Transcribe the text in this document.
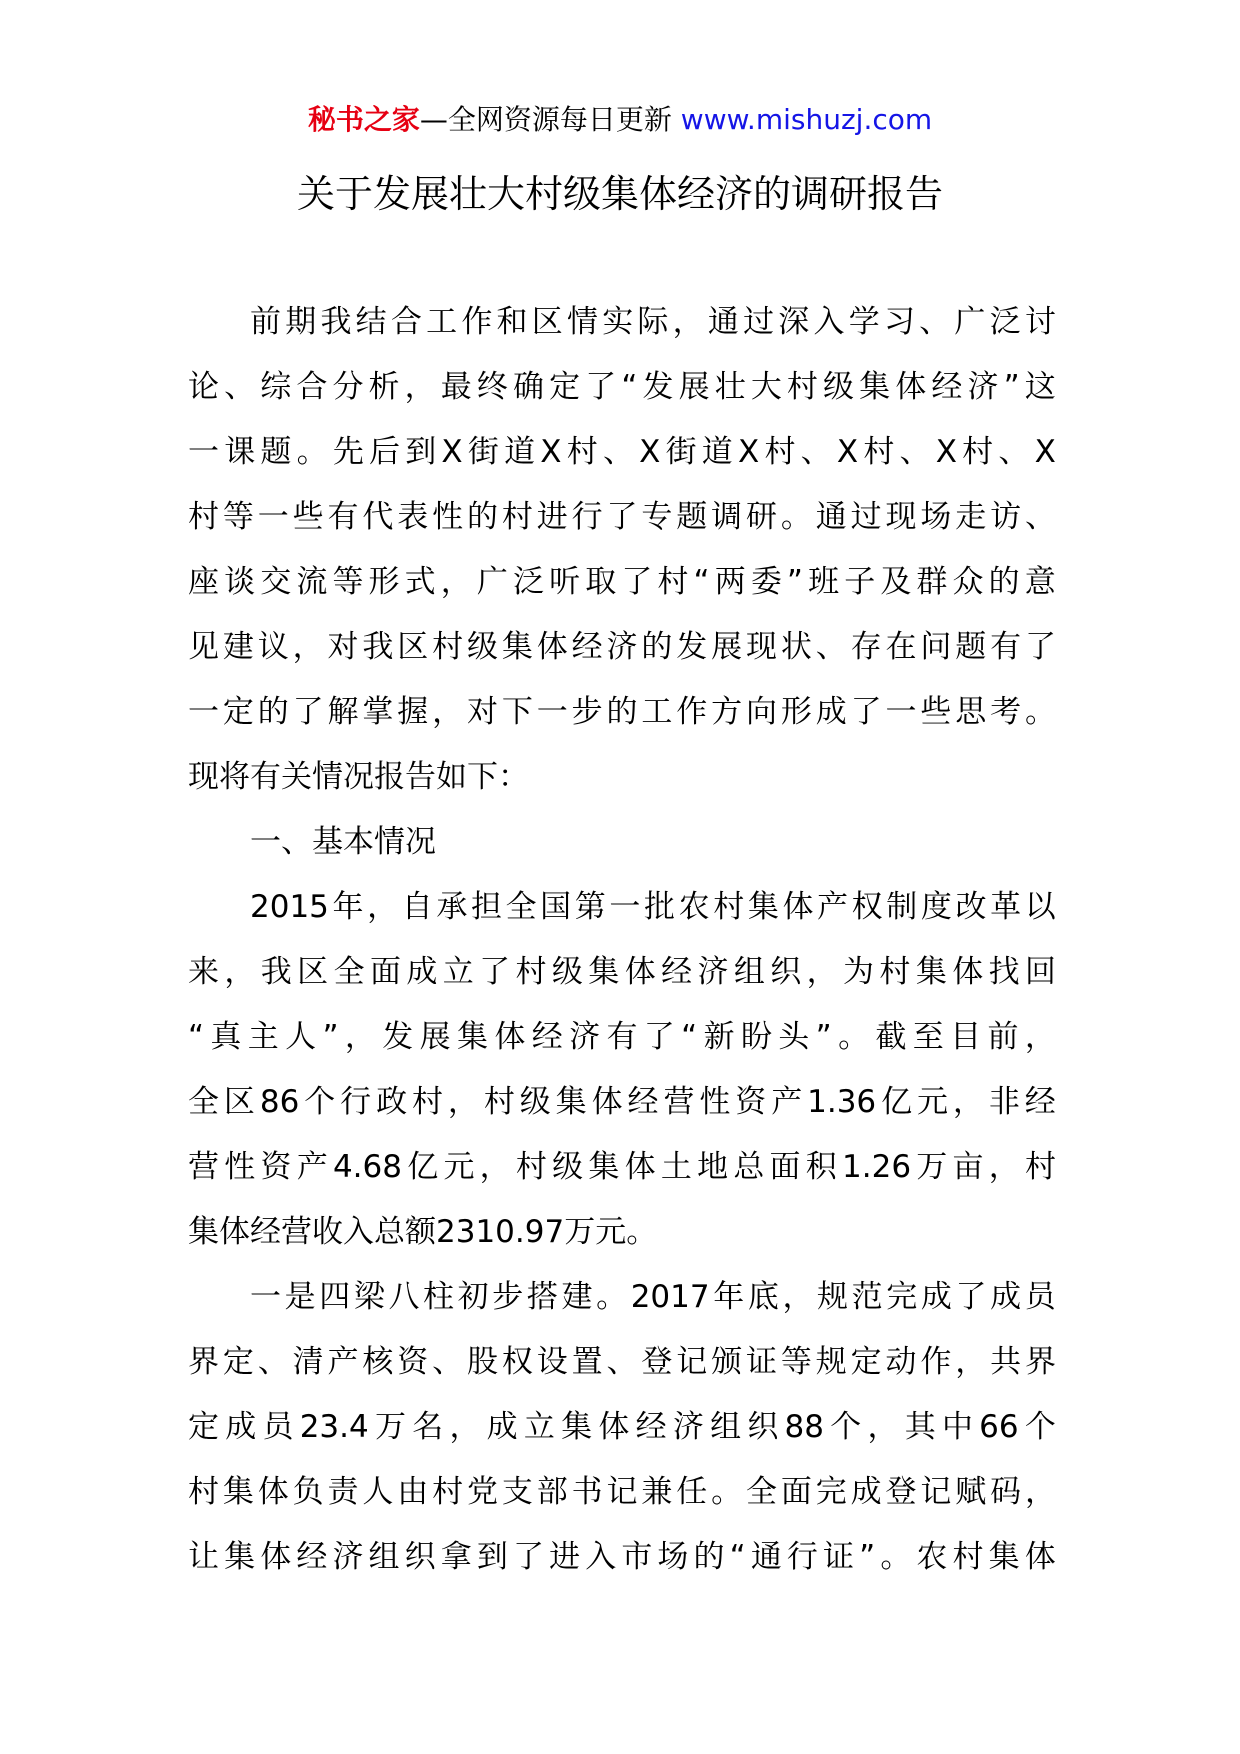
秘书之家—全网资源每日更新 www.mishuzj.com
关于发展壮大村级集体经济的调研报告
前 期 我 结 合 工 作 和 区 情 实 际 ， 通 过 深 入 学 习 、 广 泛 讨
论 、 综 合 分 析 ， 最 终 确 定 了 “ 发 展 壮 大 村 级 集 体 经 济 ” 这
一 课 题 。 先 后 到 X 街 道 X 村 、 X 街 道 X 村 、 X 村 、 X 村 、 X
村 等 一 些 有 代 表 性 的 村 进 行 了 专 题 调 研 。 通 过 现 场 走 访 、
座 谈 交 流 等 形 式 ， 广 泛 听 取 了 村 “ 两 委 ” 班 子 及 群 众 的 意
见 建 议 ， 对 我 区 村 级 集 体 经 济 的 发 展 现 状 、 存 在 问 题 有 了
一 定 的 了 解 掌 握 ， 对 下 一 步 的 工 作 方 向 形 成 了 一 些 思 考 。
现 将 有 关 情 况 报 告 如 下 ：
一 、 基 本 情 况
2015 年 ， 自 承 担 全 国 第 一 批 农 村 集 体 产 权 制 度 改 革 以
来 ， 我 区 全 面 成 立 了 村 级 集 体 经 济 组 织 ， 为 村 集 体 找 回
“ 真 主 人 ” ， 发 展 集 体 经 济 有 了 “ 新 盼 头 ” 。 截 至 目 前 ，
全 区 86 个 行 政 村 ， 村 级 集 体 经 营 性 资 产 1.36 亿 元 ， 非 经
营 性 资 产 4.68 亿 元 ， 村 级 集 体 土 地 总 面 积 1.26 万 亩 ， 村
集 体 经 营 收 入 总 额 2310.97 万 元 。
一 是 四 梁 八 柱 初 步 搭 建 。 2017 年 底 ， 规 范 完 成 了 成 员
界 定 、 清 产 核 资 、 股 权 设 置 、 登 记 颁 证 等 规 定 动 作 ， 共 界
定 成 员 23.4 万 名 ， 成 立 集 体 经 济 组 织 88 个 ， 其 中 66 个
村 集 体 负 责 人 由 村 党 支 部 书 记 兼 任 。 全 面 完 成 登 记 赋 码 ，
让 集 体 经 济 组 织 拿 到 了 进 入 市 场 的 “ 通 行 证 ” 。 农 村 集 体
